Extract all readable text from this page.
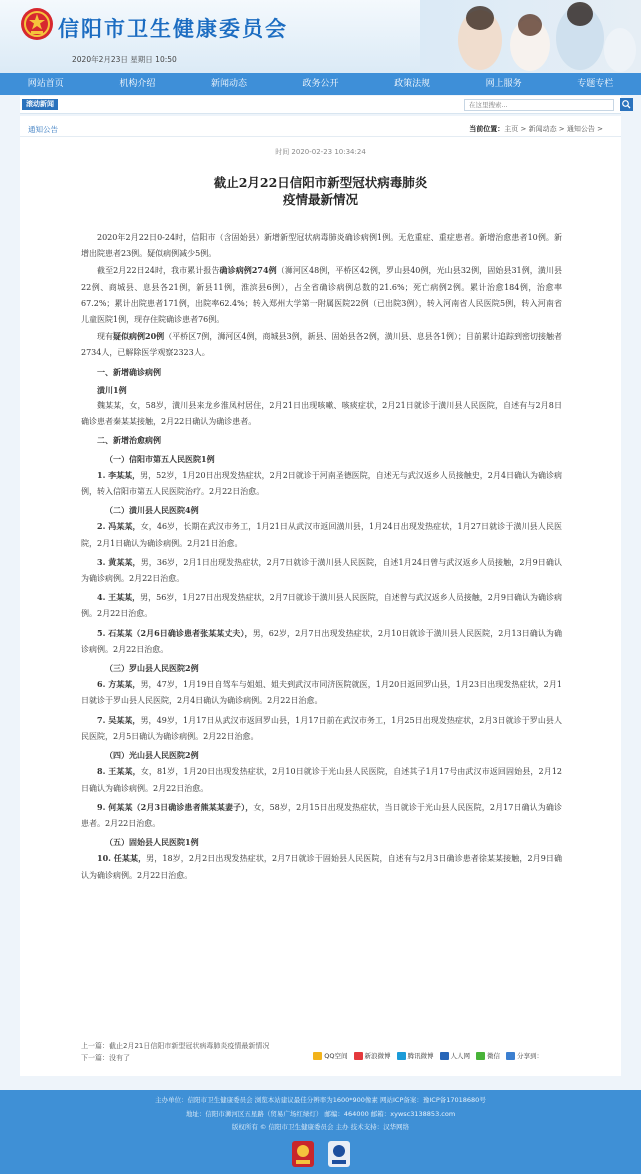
信阳市卫生健康委员会
2020年2月23日 星期日 10:50
网站首页	机构介绍	新闻动态	政务公开	政策法规	网上服务	专题专栏
滚动新闻
在这里搜索...
通知公告	当前位置：主页 > 新闻动态 > 通知公告 >
时间 2020-02-23 10:34:24
截止2月22日信阳市新型冠状病毒肺炎
疫情最新情况

2020年2月22日0-24时，信阳市（含固始县）新增新型冠状病毒肺炎确诊病例1例。无危重症、重症患者。新增治愈患者10例。新增出院患者23例。疑似病例减少5例。

截至2月22日24时，我市累计报告确诊病例274例（浉河区48例，平桥区42例，罗山县40例，光山县32例，固始县31例，潢川县22例、商城县、息县各21例，新县11例，淮滨县6例），占全省确诊病例总数的21.6%；死亡病例2例。累计治愈184例，治愈率67.2%；累计出院患者171例，出院率62.4%；转入郑州大学第一附属医院22例（已出院3例），转入河南省人民医院5例，转入河南省儿童医院1例，现存住院确诊患者76例。

现有疑似病例20例（平桥区7例，浉河区4例，商城县3例，新县、固始县各2例，潢川县、息县各1例）；目前累计追踪到密切接触者2734人，已解除医学观察2323人。

一、新增确诊病例

潢川1例

魏某某，女，58岁，潢川县来龙乡淮凤村居住，2月21日出现咳嗽、咳痰症状，2月21日就诊于潢川县人民医院，自述有与2月8日确诊患者秦某某接触，2月22日确认为确诊患者。

二、新增治愈病例

（一）信阳市第五人民医院1例

1. 李某某，男，52岁，1月20日出现发热症状，2月2日就诊于河南圣德医院，自述无与武汉返乡人员接触史，2月4日确认为确诊病例，转入信阳市第五人民医院治疗。2月22日治愈。

（二）潢川县人民医院4例

2. 冯某某，女，46岁，长期在武汉市务工，1月21日从武汉市返回潢川县，1月24日出现发热症状，1月27日就诊于潢川县人民医院，2月1日确认为确诊病例。2月21日治愈。

3. 黄某某，男，36岁，2月1日出现发热症状，2月7日就诊于潢川县人民医院，自述1月24日曾与武汉返乡人员接触，2月9日确认为确诊病例。2月22日治愈。

4. 王某某，男，56岁，1月27日出现发热症状，2月7日就诊于潢川县人民医院，自述曾与武汉返乡人员接触，2月9日确认为确诊病例。2月22日治愈。

5. 石某某（2月6日确诊患者张某某丈夫），男，62岁，2月7日出现发热症状，2月10日就诊于潢川县人民医院，2月13日确认为确诊病例。2月22日治愈。

（三）罗山县人民医院2例

6. 方某某，男，47岁，1月19日自驾车与姐姐、姐夫到武汉市同济医院就医，1月20日返回罗山县，1月23日出现发热症状，2月1日就诊于罗山县人民医院，2月4日确认为确诊病例。2月22日治愈。

7. 吴某某，男，49岁，1月17日从武汉市返回罗山县，1月17日前在武汉市务工，1月25日出现发热症状，2月3日就诊于罗山县人民医院，2月5日确认为确诊病例。2月22日治愈。

（四）光山县人民医院2例

8. 王某某，女，81岁，1月20日出现发热症状，2月10日就诊于光山县人民医院，自述其子1月17号由武汉市返回固始县，2月12日确认为确诊病例。2月22日治愈。

9. 何某某（2月3日确诊患者熊某某妻子），女，58岁，2月15日出现发热症状，当日就诊于光山县人民医院，2月17日确认为确诊患者。2月22日治愈。

（五）固始县人民医院1例

10. 任某某，男，18岁，2月2日出现发热症状，2月7日就诊于固始县人民医院，自述有与2月3日确诊患者徐某某接触，2月9日确认为确诊病例。2月22日治愈。

上一篇：截止2月21日信阳市新型冠状病毒肺炎疫情最新情况
下一篇：没有了	QQ空间	新浪微博	腾讯微博	人人网	微信	分享到：
主办单位：信阳市卫生健康委员会 浏览本站建议最佳分辨率为1600*900像素 网站ICP备案：豫ICP备17018680号
地址：信阳市浉河区五星路（贸易广场红绿灯） 邮编：464000 邮箱：xywsc3138853.com
版权所有 © 信阳市卫生健康委员会 主办 技术支持：汉华网络
